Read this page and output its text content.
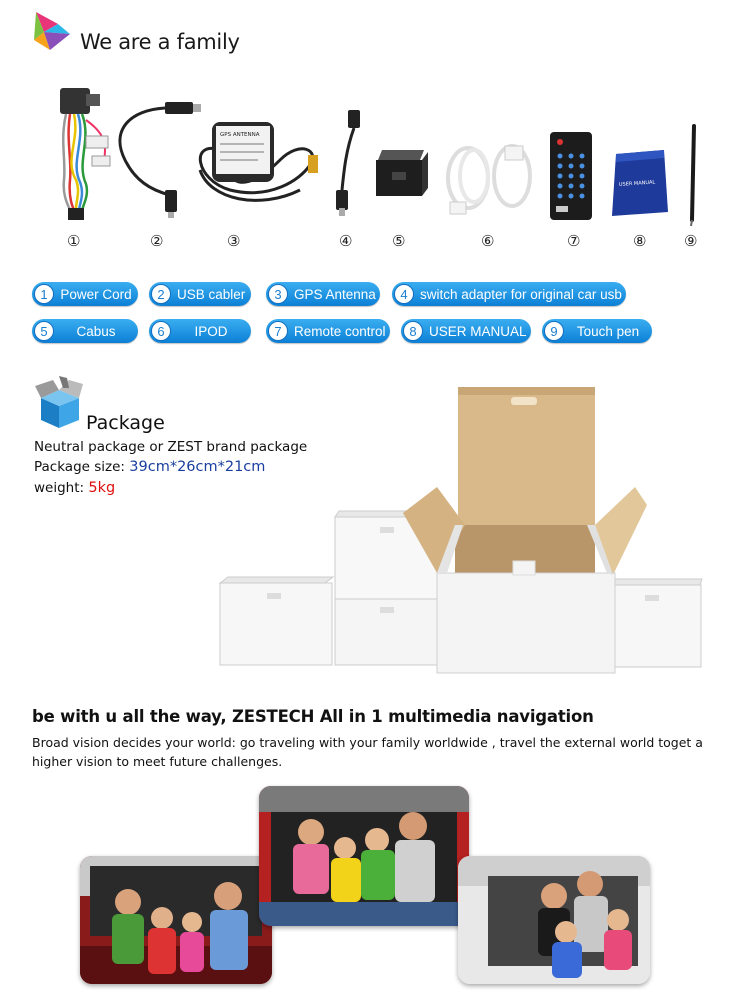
We are a family
GPS ANTENNA
USER MANUAL
①	②	③	④	⑤	⑥	⑦	⑧	⑨
1 Power Cord	2 USB cabler	3 GPS Antenna	4 switch adapter for original car usb
5	Cabus	6	IPOD	7 Remote control	8 USER MANUAL	9	Touch pen
Package
Neutral package or ZEST brand package
Package size: 39cm*26cm*21cm
weight: 5kg
be with u all the way, ZESTECH All in 1 multimedia navigation
Broad vision decides your world: go traveling with your family worldwide , travel the external world toget a higher vision to meet future challenges.
